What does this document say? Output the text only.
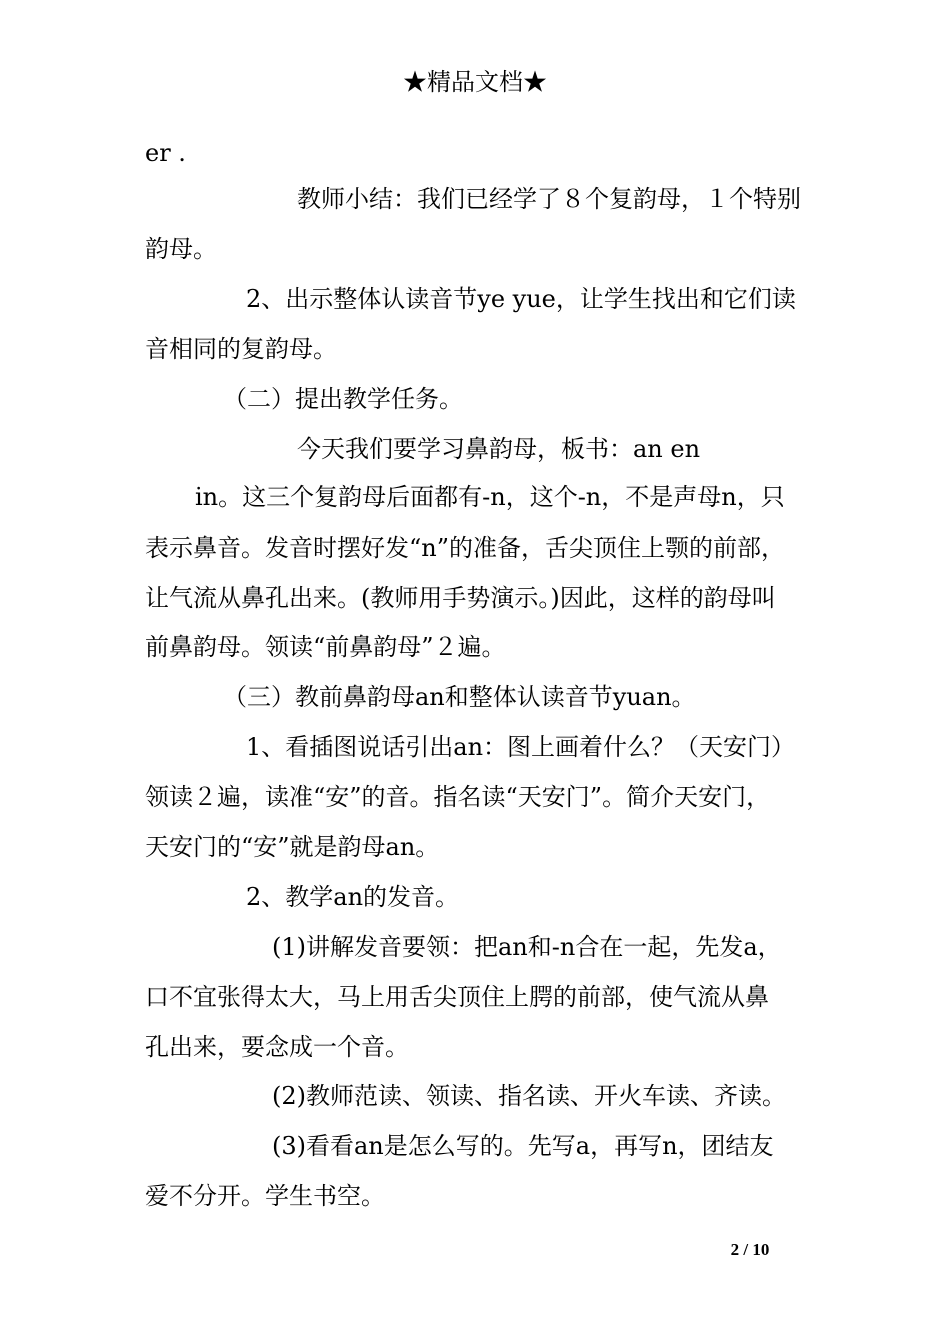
★精品文档★
er .
教师小结：我们已经学了８个复韵母，１个特别
韵母。
2、出示整体认读音节ye yue，让学生找出和它们读
音相同的复韵母。
（二）提出教学任务。
今天我们要学习鼻韵母，板书：an en
in。这三个复韵母后面都有-n，这个-n，不是声母n，只
表示鼻音。发音时摆好发“n”的准备，舌尖顶住上颚的前部，
让气流从鼻孔出来。(教师用手势演示。)因此，这样的韵母叫
前鼻韵母。领读“前鼻韵母”２遍。
（三）教前鼻韵母an和整体认读音节yuan。
1、看插图说话引出an：图上画着什么？（天安门）
领读２遍，读准“安”的音。指名读“天安门”。简介天安门，
天安门的“安”就是韵母an。
2、教学an的发音。
(1)讲解发音要领：把an和-n合在一起，先发a，
口不宜张得太大，马上用舌尖顶住上腭的前部，使气流从鼻
孔出来，要念成一个音。
(2)教师范读、领读、指名读、开火车读、齐读。
(3)看看an是怎么写的。先写a，再写n，团结友
爱不分开。学生书空。
2 / 10
